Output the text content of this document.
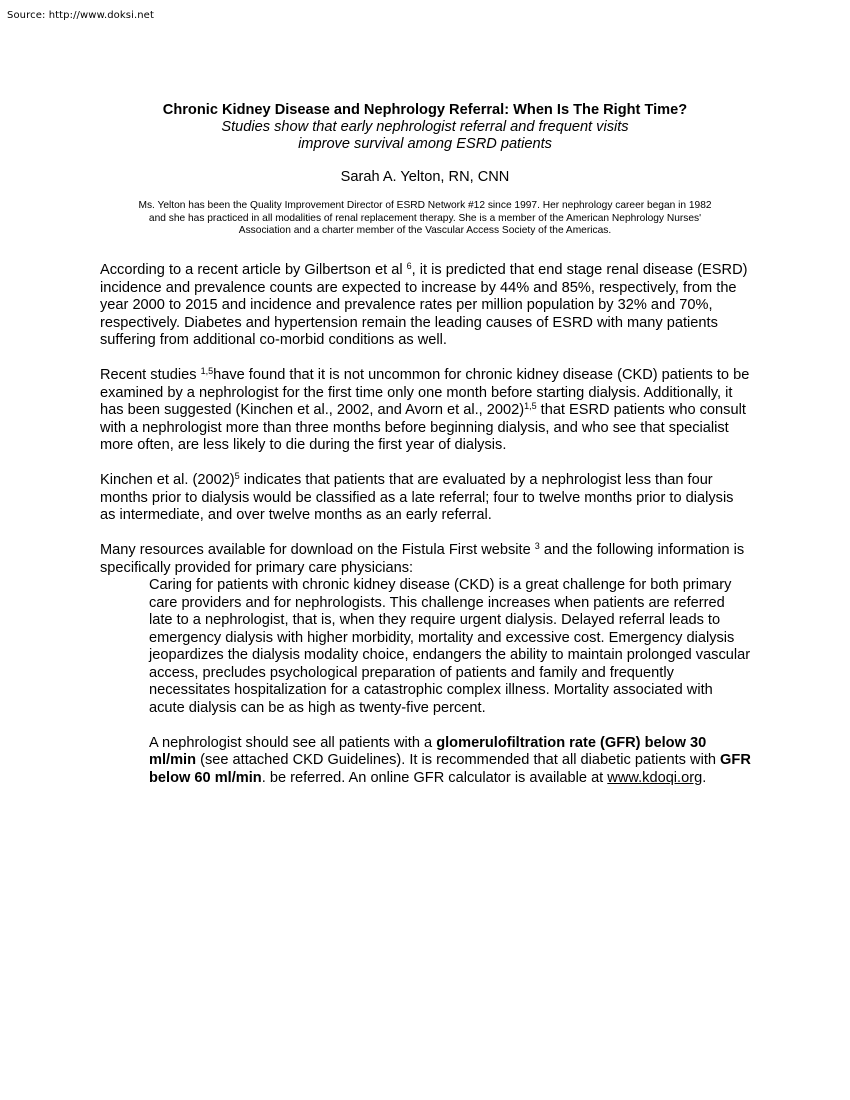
Source: http://www.doksi.net
Chronic Kidney Disease and Nephrology Referral: When Is The Right Time?
Studies show that early nephrologist referral and frequent visits
improve survival among ESRD patients
Sarah A. Yelton, RN, CNN
Ms. Yelton has been the Quality Improvement Director of ESRD Network #12 since 1997. Her nephrology career began in 1982
and she has practiced in all modalities of renal replacement therapy. She is a member of the American Nephrology Nurses'
Association and a charter member of the Vascular Access Society of the Americas.

According to a recent article by Gilbertson et al $^6$, it is predicted that end stage renal disease (ESRD) incidence and prevalence counts are expected to increase by 44% and 85%, respectively, from the year 2000 to 2015 and incidence and prevalence rates per million population by 32% and 70%, respectively. Diabetes and hypertension remain the leading causes of ESRD with many patients suffering from additional co-morbid conditions as well.

Recent studies $^{1,5}$have found that it is not uncommon for chronic kidney disease (CKD) patients to be examined by a nephrologist for the first time only one month before starting dialysis. Additionally, it has been suggested (Kinchen et al., 2002, and Avorn et al., 2002)$^{1,5}$ that ESRD patients who consult with a nephrologist more than three months before beginning dialysis, and who see that specialist more often, are less likely to die during the first year of dialysis.

Kinchen et al. $(2002)^5$ indicates that patients that are evaluated by a nephrologist less than four months prior to dialysis would be classified as a late referral; four to twelve months prior to dialysis as intermediate, and over twelve months as an early referral.

Many resources available for download on the Fistula First website $^3$ and the following information is specifically provided for primary care physicians:

Caring for patients with chronic kidney disease (CKD) is a great challenge for both primary care providers and for nephrologists. This challenge increases when patients are referred late to a nephrologist, that is, when they require urgent dialysis. Delayed referral leads to emergency dialysis with higher morbidity, mortality and excessive cost. Emergency dialysis jeopardizes the dialysis modality choice, endangers the ability to maintain prolonged vascular access, precludes psychological preparation of patients and family and frequently necessitates hospitalization for a catastrophic complex illness. Mortality associated with acute dialysis can be as high as twenty-five percent.

A nephrologist should see all patients with a glomerulofiltration rate (GFR) below 30 ml/min (see attached CKD Guidelines). It is recommended that all diabetic patients with GFR below 60 ml/min. be referred. An online GFR calculator is available at www.kdoqi.org.
